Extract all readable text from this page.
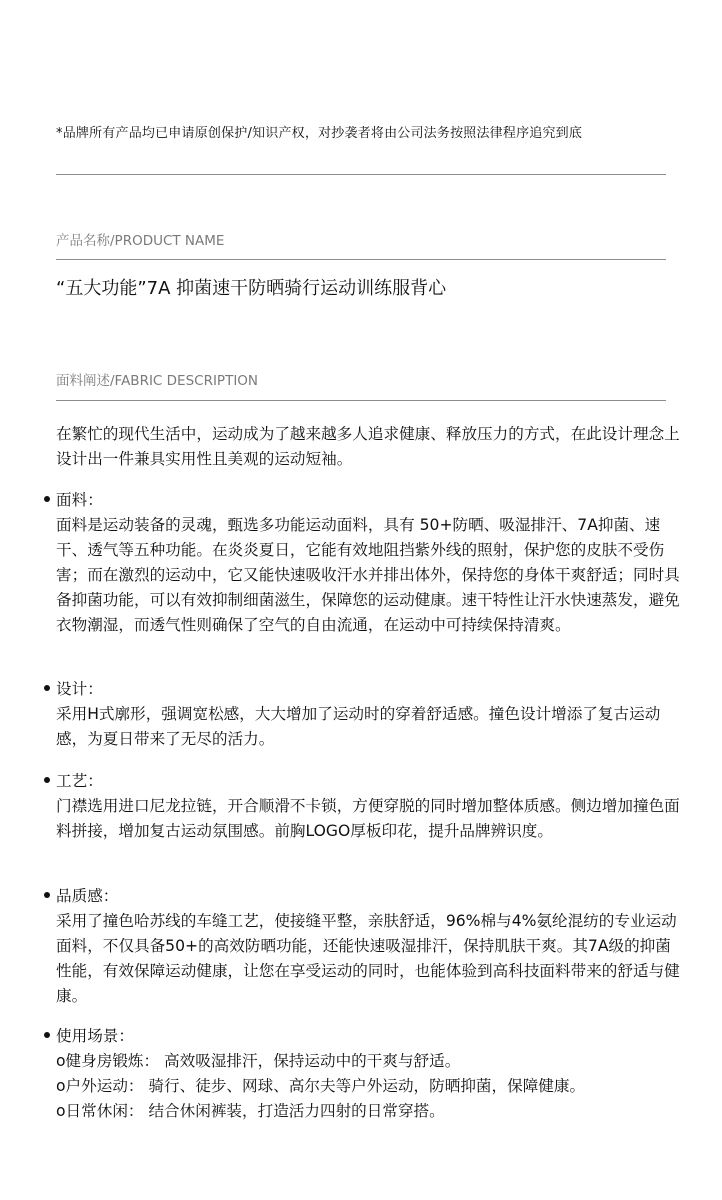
*品牌所有产品均已申请原创保护/知识产权，对抄袭者将由公司法务按照法律程序追究到底
产品名称/PRODUCT NAME
“五大功能”7A 抑菌速干防晒骑行运动训练服背心
面料阐述/FABRIC DESCRIPTION

在繁忙的现代生活中，运动成为了越来越多人追求健康、释放压力的方式，在此设计理念上设计出一件兼具实用性且美观的运动短袖。

面料：

面料是运动装备的灵魂，甄选多功能运动面料，具有 50+防晒、吸湿排汗、7A抑菌、速干、透气等五种功能。在炎炎夏日，它能有效地阻挡紫外线的照射，保护您的皮肤不受伤害；而在激烈的运动中，它又能快速吸收汗水并排出体外，保持您的身体干爽舒适；同时具备抑菌功能，可以有效抑制细菌滋生，保障您的运动健康。速干特性让汗水快速蒸发，避免衣物潮湿，而透气性则确保了空气的自由流通，在运动中可持续保持清爽。

设计：

采用H式廓形，强调宽松感，大大增加了运动时的穿着舒适感。撞色设计增添了复古运动感，为夏日带来了无尽的活力。

工艺：

门襟选用进口尼龙拉链，开合顺滑不卡锁，方便穿脱的同时增加整体质感。侧边增加撞色面料拼接，增加复古运动氛围感。前胸LOGO厚板印花，提升品牌辨识度。

品质感：

采用了撞色哈苏线的车缝工艺，使接缝平整，亲肤舒适，96%棉与4%氨纶混纺的专业运动面料，不仅具备50+的高效防晒功能，还能快速吸湿排汗，保持肌肤干爽。其7A级的抑菌性能，有效保障运动健康，让您在享受运动的同时，也能体验到高科技面料带来的舒适与健康。

使用场景：
o健身房锻炼： 高效吸湿排汗，保持运动中的干爽与舒适。
o户外运动： 骑行、徒步、网球、高尔夫等户外运动，防晒抑菌，保障健康。
o日常休闲： 结合休闲裤装，打造活力四射的日常穿搭。
